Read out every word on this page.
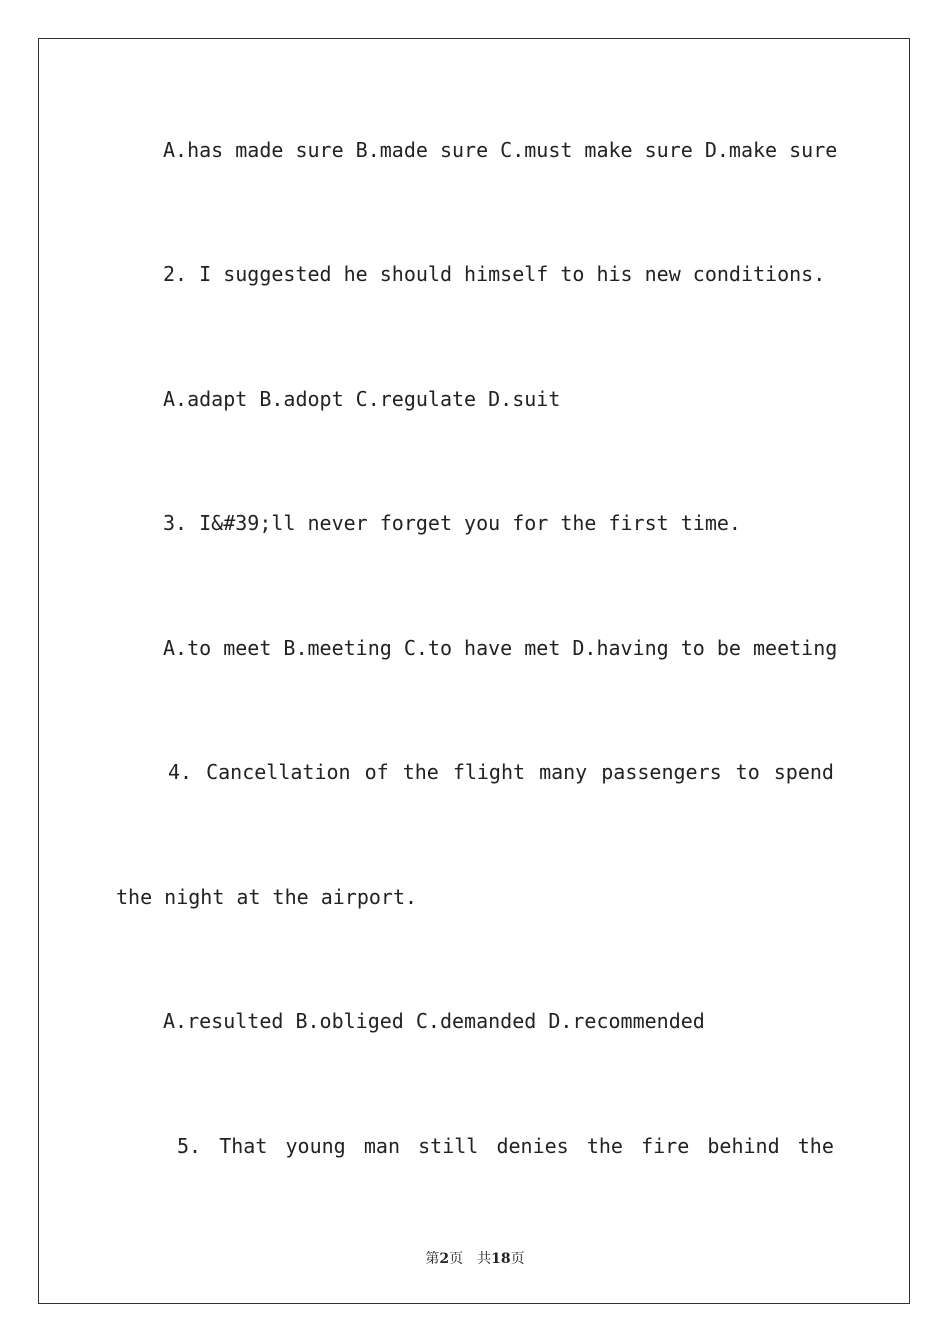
A.has made sure B.made sure C.must make sure D.make sure
2. I suggested he should himself to his new conditions.
A.adapt B.adopt C.regulate D.suit
3. I&#39;ll never forget you for the first time.
A.to meet B.meeting C.to have met D.having to be meeting
4. Cancellation of the flight many passengers to spend
the night at the airport.
A.resulted B.obliged C.demanded D.recommended
5. That young man still denies the fire behind the
第2页　共18页
